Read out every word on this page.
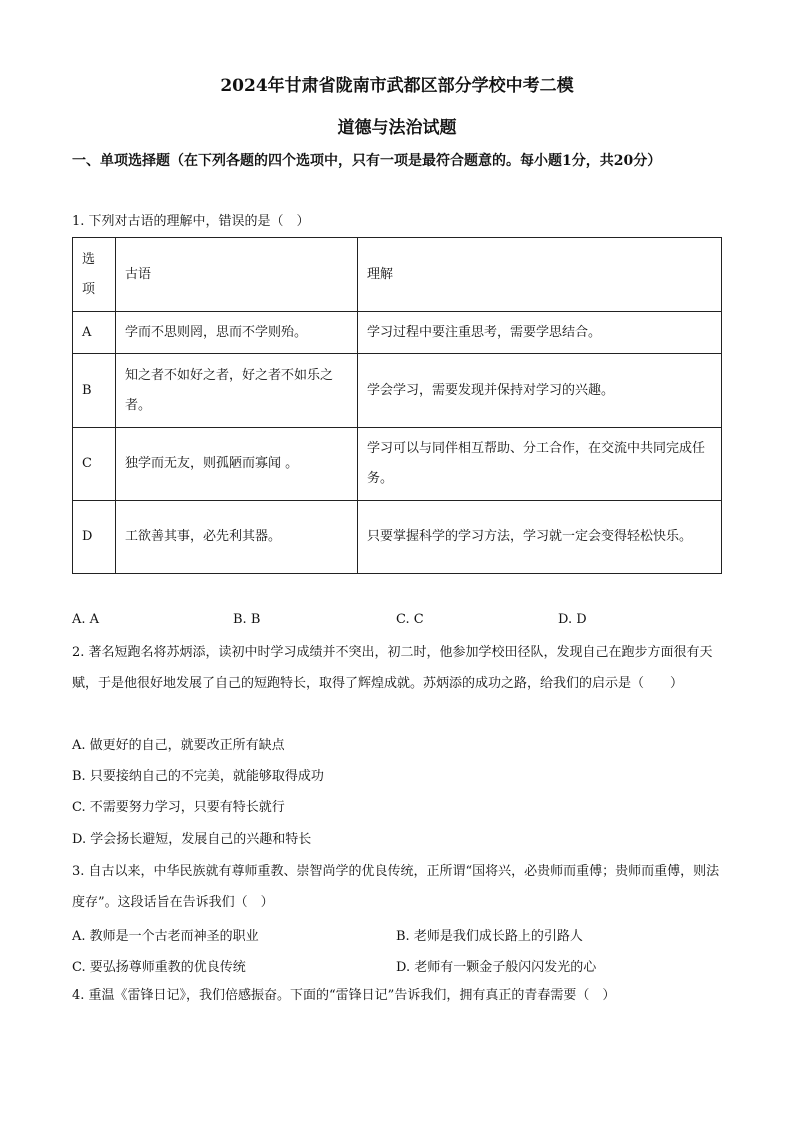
2024年甘肃省陇南市武都区部分学校中考二模
道德与法治试题
一、单项选择题（在下列各题的四个选项中，只有一项是最符合题意的。每小题1分，共20分）
1. 下列对古语的理解中，错误的是（　）
选项	古语	理解
A	学而不思则罔，思而不学则殆。	学习过程中要注重思考，需要学思结合。
B	知之者不如好之者，好之者不如乐之者。	学会学习，需要发现并保持对学习的兴趣。
C	独学而无友，则孤陋而寡闻 。	学习可以与同伴相互帮助、分工合作，在交流中共同完成任务。
D	工欲善其事，必先利其器。	只要掌握科学的学习方法，学习就一定会变得轻松快乐。
A. A	B. B	C. C	D. D
2. 著名短跑名将苏炳添，读初中时学习成绩并不突出，初二时，他参加学校田径队，发现自己在跑步方面很有天赋，于是他很好地发展了自己的短跑特长，取得了辉煌成就。苏炳添的成功之路，给我们的启示是（　　）
A. 做更好的自己，就要改正所有缺点
B. 只要接纳自己的不完美，就能够取得成功
C. 不需要努力学习，只要有特长就行
D. 学会扬长避短，发展自己的兴趣和特长
3. 自古以来，中华民族就有尊师重教、崇智尚学的优良传统，正所谓“国将兴，必贵师而重傅；贵师而重傅，则法度存”。这段话旨在告诉我们（　）
A. 教师是一个古老而神圣的职业	B. 老师是我们成长路上的引路人
C. 要弘扬尊师重教的优良传统	D. 老师有一颗金子般闪闪发光的心
4. 重温《雷锋日记》，我们倍感振奋。下面的“雷锋日记”告诉我们，拥有真正的青春需要（　）
